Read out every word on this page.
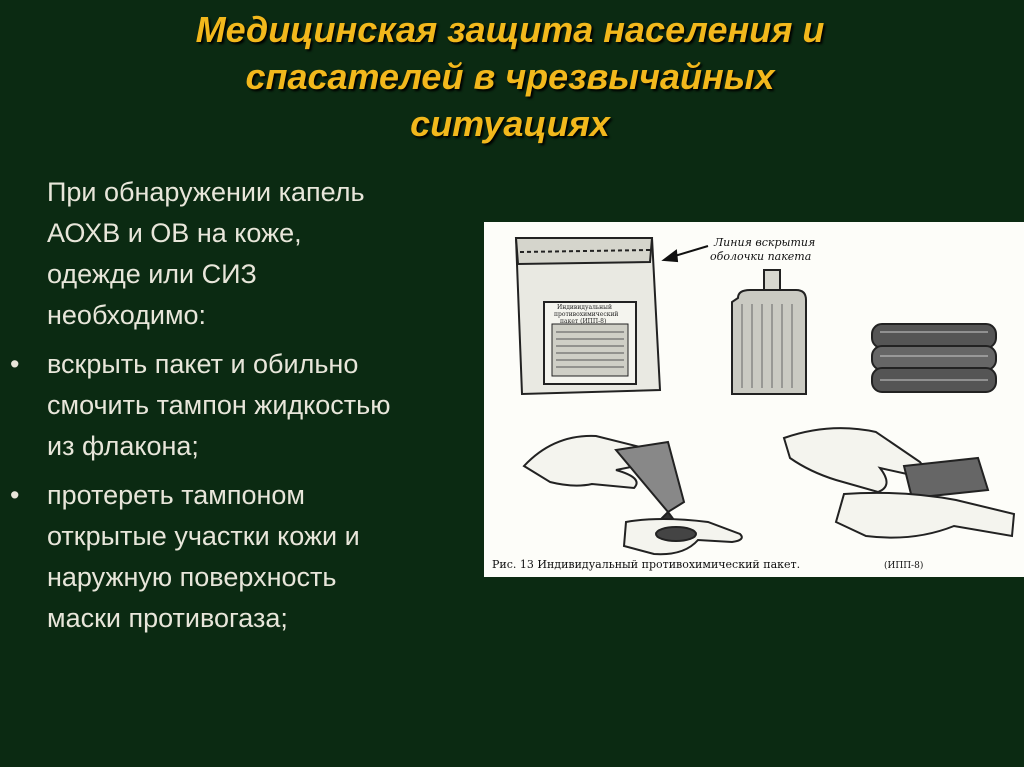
Медицинская защита населения и
спасателей в чрезвычайных
ситуациях
При обнаружении капель
АОХВ и ОВ на коже,
одежде или СИЗ
необходимо:
• вскрыть пакет и обильно
смочить тампон жидкостью
из флакона;
• протереть тампоном
открытые участки кожи и
наружную поверхность
маски противогаза;
Индивидуальный
противохимический
пакет (ИПП-8)
Линия вскрытия
оболочки пакета
Рис. 13 Индивидуальный противохимический пакет.	(ИПП-8)
